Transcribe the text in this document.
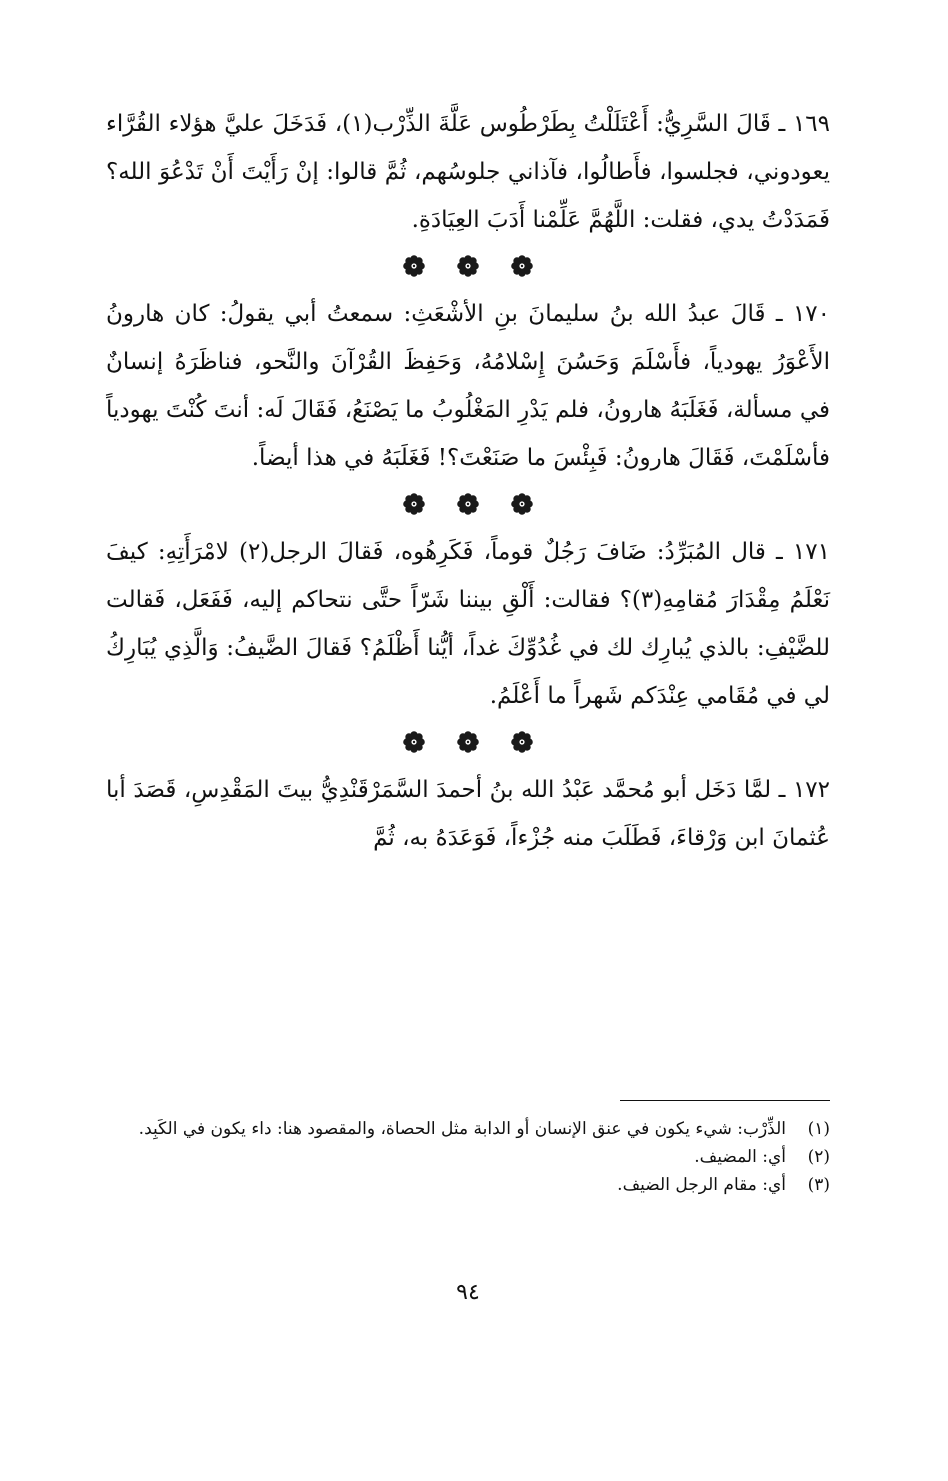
١٦٩ ـ قَالَ السَّرِيُّ: أَعْتَلَلْتُ بِطَرْطُوس عَلَّةَ الذِّرْب(١)، فَدَخَلَ عليَّ هؤلاء القُرَّاء يعودوني، فجلسوا، فأَطالُوا، فآذاني جلوسُهم، ثُمَّ قالوا: إنْ رَأَيْتَ أَنْ تَدْعُوَ الله؟ فَمَدَدْتُ يدي، فقلت: اللَّهُمَّ عَلِّمْنا أَدَبَ العِيَادَةِ.

١٧٠ ـ قَالَ عبدُ الله بنُ سليمانَ بنِ الأشْعَثِ: سمعتُ أبي يقولُ: كان هارونُ الأَعْوَرُ يهودياً، فأَسْلَمَ وَحَسُنَ إِسْلامُهُ، وَحَفِظَ القُرْآنَ والنَّحو، فناظَرَهُ إنسانٌ في مسألة، فَغَلَبَهُ هارونُ، فلم يَدْرِ المَغْلُوبُ ما يَصْنَعُ، فَقَالَ لَه: أنتَ كُنْتَ يهودياً فأسْلَمْتَ، فَقَالَ هارونُ: فَبِئْسَ ما صَنَعْتَ؟! فَغَلَبَهُ في هذا أيضاً.

١٧١ ـ قال المُبَرِّدُ: ضَافَ رَجُلٌ قوماً، فَكَرِهُوه، فَقالَ الرجل(٢) لامْرَأَتِهِ: كيفَ نَعْلَمُ مِقْدَارَ مُقامِهِ(٣)؟ فقالت: أَلْقِ بيننا شَرّاً حتَّى نتحاكم إليه، فَفَعَل، فَقالت للضَّيْفِ: بالذي يُبارِك لك في غُدُوِّكَ غداً، أيُّنا أَظْلَمُ؟ فَقالَ الضَّيفُ: وَالَّذِي يُبَارِكُ لي في مُقَامي عِنْدَكم شَهراً ما أَعْلَمُ.

١٧٢ ـ لمَّا دَخَل أبو مُحمَّد عَبْدُ الله بنُ أحمدَ السَّمَرْقَنْدِيُّ بيتَ المَقْدِسِ، قَصَدَ أبا عُثمانَ ابن وَرْقاءَ، فَطَلَبَ منه جُزْءاً، فَوَعَدَهُ به، ثُمَّ

(١)
الذِّرْب: شيء يكون في عنق الإنسان أو الدابة مثل الحصاة، والمقصود هنا: داء يكون في الكَبِد.
(٢)
أي: المضيف.
(٣)
أي: مقام الرجل الضيف.
٩٤
